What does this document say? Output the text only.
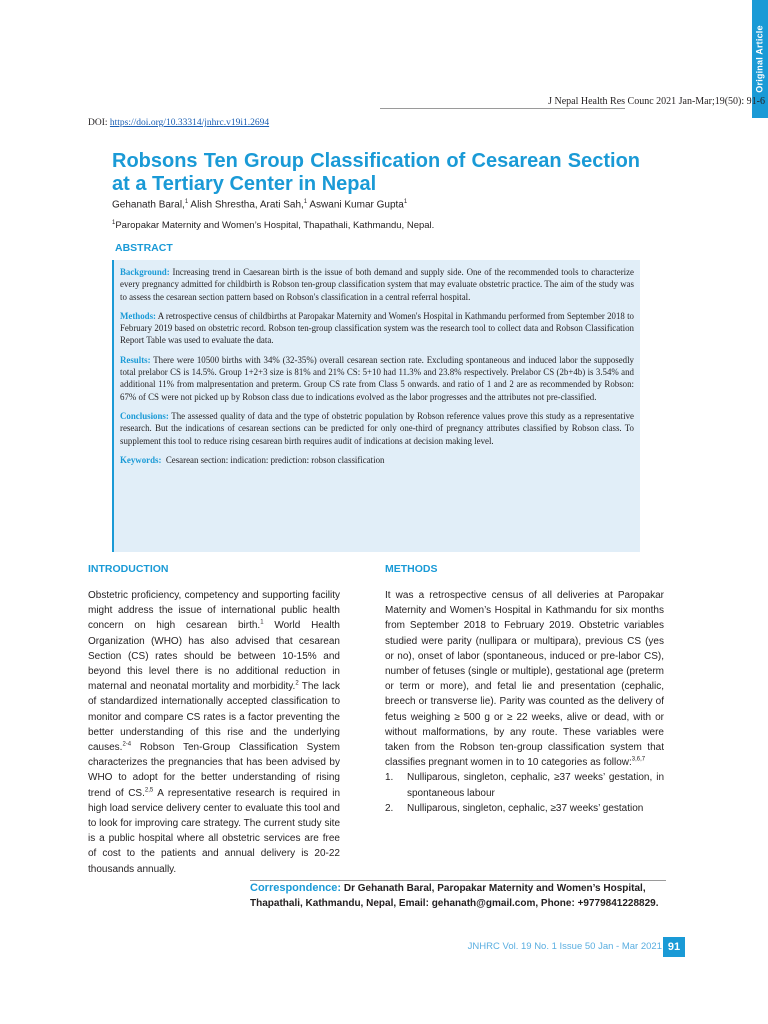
Original Article
J Nepal Health Res Counc 2021 Jan-Mar;19(50): 91-6
DOI: https://doi.org/10.33314/jnhrc.v19i1.2694
Robsons Ten Group Classification of Cesarean Section at a Tertiary Center in Nepal
Gehanath Baral,$^1$ Alish Shrestha, Arati Sah,$^1$ Aswani Kumar Gupta$^1$
$^1$Paropakar Maternity and Women’s Hospital, Thapathali, Kathmandu, Nepal.
ABSTRACT

Background: Increasing trend in Caesarean birth is the issue of both demand and supply side. One of the recommended tools to characterize every pregnancy admitted for childbirth is Robson ten-group classification system that may evaluate obstetric practice. The aim of the study was to assess the cesarean section pattern based on Robson's classification in a central referral hospital.

Methods: A retrospective census of childbirths at Paropakar Maternity and Women's Hospital in Kathmandu performed from September 2018 to February 2019 based on obstetric record. Robson ten-group classification system was the research tool to collect data and Robson Classification Report Table was used to evaluate the data.

Results: There were 10500 births with 34% (32-35%) overall cesarean section rate. Excluding spontaneous and induced labor the supposedly total prelabor CS is 14.5%. Group 1+2+3 size is 81% and 21% CS: 5+10 had 11.3% and 23.8% respectively. Prelabor CS (2b+4b) is 3.54% and additional 11% from malpresentation and preterm. Group CS rate from Class 5 onwards. and ratio of 1 and 2 are as recommended by Robson: 67% of CS were not picked up by Robson class due to indications evolved as the labor progresses and the attributes not pre-classified.

Conclusions: The assessed quality of data and the type of obstetric population by Robson reference values prove this study as a representative research. But the indications of cesarean sections can be predicted for only one-third of pregnancy attributes classified by Robson class. To supplement this tool to reduce rising cesarean birth requires audit of indications at decision making level.

Keywords: Cesarean section: indication: prediction: robson classification

INTRODUCTION	METHODS
Obstetric proficiency, competency and supporting facility might address the issue of international public health concern on high cesarean birth.$^1$ World Health Organization (WHO) has also advised that cesarean Section (CS) rates should be between 10-15% and beyond this level there is no additional reduction in maternal and neonatal mortality and morbidity.$^2$ The lack of standardized internationally accepted classification to monitor and compare CS rates is a factor preventing the better understanding of this rise and the underlying causes.$^{2-4}$ Robson Ten-Group Classification System characterizes the pregnancies that has been advised by WHO to adopt for the better understanding of rising trend of CS.$^{2,5}$ A representative research is required in high load service delivery center to evaluate this tool and to look for improving care strategy. The current study site is a public hospital where all obstetric services are free of cost to the patients and annual delivery is 20-22 thousands annually.
It was a retrospective census of all deliveries at Paropakar Maternity and Women’s Hospital in Kathmandu for six months from September 2018 to February 2019. Obstetric variables studied were parity (nullipara or multipara), previous CS (yes or no), onset of labor (spontaneous, induced or pre-labor CS), number of fetuses (single or multiple), gestational age (preterm or term or more), and fetal lie and presentation (cephalic, breech or transverse lie). Parity was counted as the delivery of fetus weighing ≥ 500 g or ≥ 22 weeks, alive or dead, with or without malformations, by any route. These variables were taken from the Robson ten-group classification system that classifies pregnant women in to 10 categories as follow:$^{3,6,7}$
1.	Nulliparous, singleton, cephalic, ≥37 weeks’ gestation, in spontaneous labour
2.	Nulliparous, singleton, cephalic, ≥37 weeks’ gestation
Correspondence: Dr Gehanath Baral, Paropakar Maternity and Women’s Hospital, Thapathali, Kathmandu, Nepal, Email: gehanath@gmail.com, Phone: +9779841228829.
JNHRC Vol. 19 No. 1 Issue 50 Jan - Mar 2021 91
